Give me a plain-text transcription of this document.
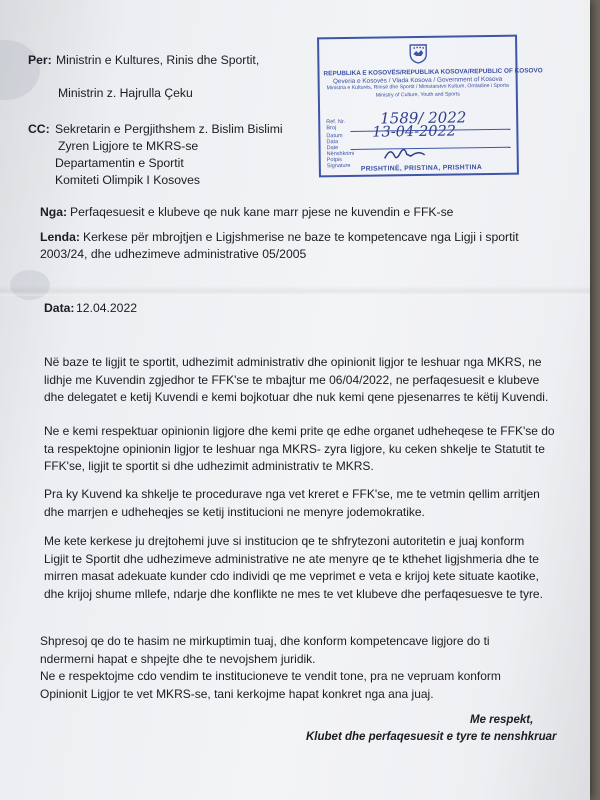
Per: Ministrin e Kultures, Rinis dhe Sportit,
Ministrin z. Hajrulla Çeku
CC: Sekretarin e Pergjithshem z. Bislim Bislimi
Zyren Ligjore te MKRS-se
Departamentin e Sportit
Komiteti Olimpik I Kosoves
Nga: Perfaqesuesit e klubeve qe nuk kane marr pjese ne kuvendin e FFK-se
Lenda: Kerkese për mbrojtjen e Ligjshmerise ne baze te kompetencave nga Ligji i sportit
2003/24, dhe udhezimeve administrative 05/2005
Data: 12.04.2022
REPUBLIKA E KOSOVËS/REPUBLIKA KOSOVA/REPUBLIC OF KOSOVO
Qeveria e Kosovës / Vlada Kosova / Government of Kosova
Ministria e Kulturës, Rinisë dhe Sportit / Ministarstvo Kulture, Omladine i Sporta
Ministry of Culture, Youth and Sports
Ref. Nr.
Broj
Datum
Data
Date
Nënshkrimi
Potpis
Signature
1589/ 2022
13-04-2022
PRISHTINË, PRISTINA, PRISHTINA
Në baze te ligjit te sportit, udhezimit administrativ dhe opinionit ligjor te leshuar nga MKRS, ne
lidhje me Kuvendin zgjedhor te FFK'se te mbajtur me 06/04/2022, ne perfaqesuesit e klubeve
dhe delegatet e ketij Kuvendi e kemi bojkotuar dhe nuk kemi qene pjesenarres te këtij Kuvendi.
Ne e kemi respektuar opinionin ligjore dhe kemi prite qe edhe organet udheheqese te FFK'se do
ta respektojne opinionin ligjor te leshuar nga MKRS- zyra ligjore, ku ceken shkelje te Statutit te
FFK'se, ligjit te sportit si dhe udhezimit administrativ te MKRS.
Pra ky Kuvend ka shkelje te procedurave nga vet kreret e FFK'se, me te vetmin qellim arritjen
dhe marrjen e udheheqjes se ketij institucioni ne menyre jodemokratike.
Me kete kerkese ju drejtohemi juve si institucion qe te shfrytezoni autoritetin e juaj konform
Ligjit te Sportit dhe udhezimeve administrative ne ate menyre qe te kthehet ligjshmeria dhe te
mirren masat adekuate kunder cdo individi qe me veprimet e veta e krijoj kete situate kaotike,
dhe krijoj shume mllefe, ndarje dhe konflikte ne mes te vet klubeve dhe perfaqesuesve te tyre.
Shpresoj qe do te hasim ne mirkuptimin tuaj, dhe konform kompetencave ligjore do ti
ndermerni hapat e shpejte dhe te nevojshem juridik.
Ne e respektojme cdo vendim te institucioneve te vendit tone, pra ne vepruam konform
Opinionit Ligjor te vet MKRS-se, tani kerkojme hapat konkret nga ana juaj.
Me respekt,
Klubet dhe perfaqesuesit e tyre te nenshkruar
